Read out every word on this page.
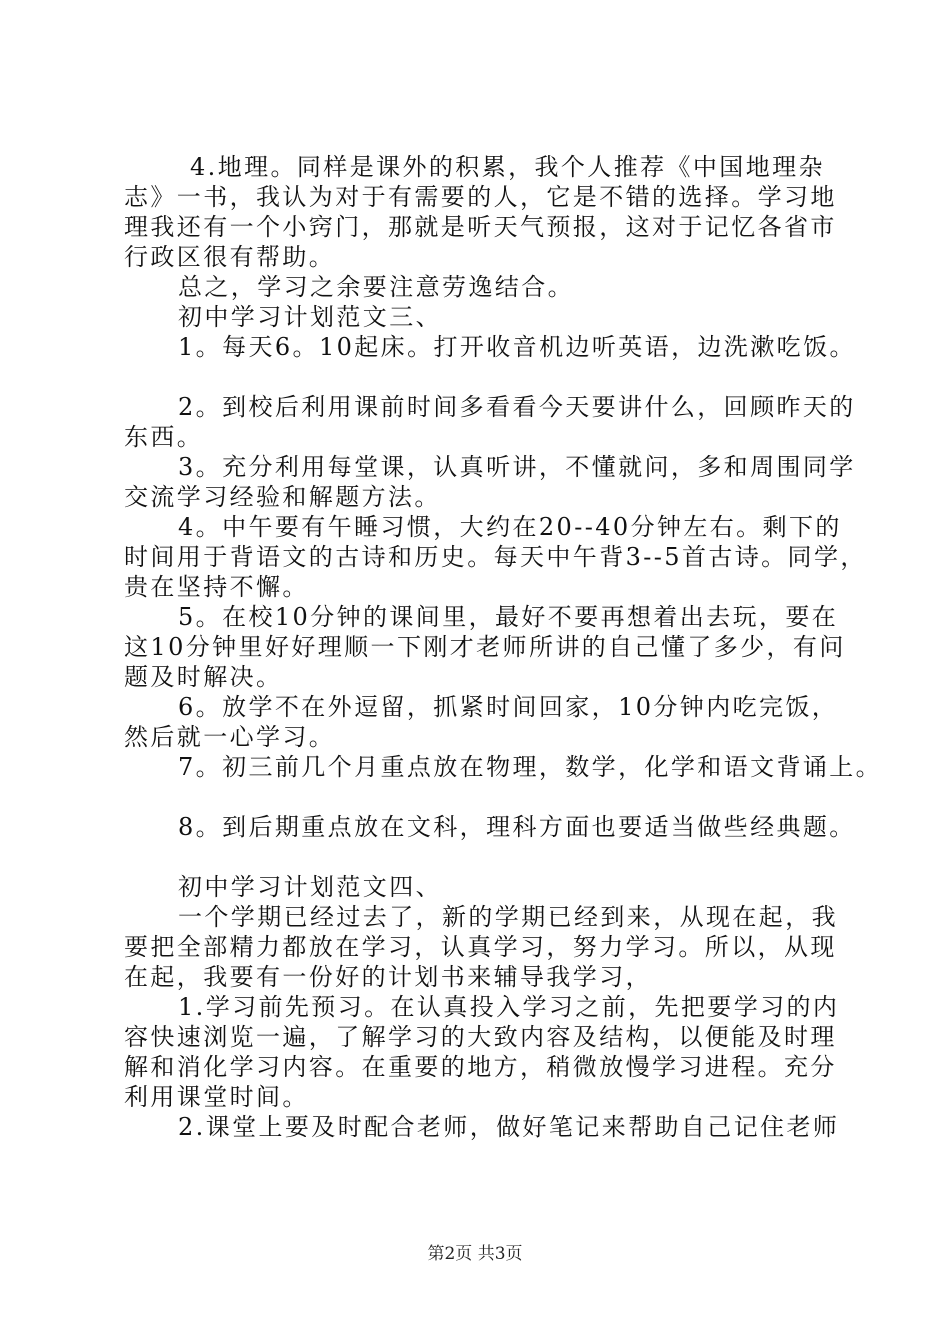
4.地理。同样是课外的积累，我个人推荐《中国地理杂
志》一书，我认为对于有需要的人，它是不错的选择。学习地
理我还有一个小窍门，那就是听天气预报，这对于记忆各省市
行政区很有帮助。
总之，学习之余要注意劳逸结合。
初中学习计划范文三、
1。每天6。10起床。打开收音机边听英语，边洗漱吃饭。
2。到校后利用课前时间多看看今天要讲什么，回顾昨天的
东西。
3。充分利用每堂课，认真听讲，不懂就问，多和周围同学
交流学习经验和解题方法。
4。中午要有午睡习惯，大约在20--40分钟左右。剩下的
时间用于背语文的古诗和历史。每天中午背3--5首古诗。同学，
贵在坚持不懈。
5。在校10分钟的课间里，最好不要再想着出去玩，要在
这10分钟里好好理顺一下刚才老师所讲的自己懂了多少，有问
题及时解决。
6。放学不在外逗留，抓紧时间回家，10分钟内吃完饭，
然后就一心学习。
7。初三前几个月重点放在物理，数学，化学和语文背诵上。
8。到后期重点放在文科，理科方面也要适当做些经典题。
初中学习计划范文四、
一个学期已经过去了，新的学期已经到来，从现在起，我
要把全部精力都放在学习，认真学习，努力学习。所以，从现
在起，我要有一份好的计划书来辅导我学习，
1.学习前先预习。在认真投入学习之前，先把要学习的内
容快速浏览一遍，了解学习的大致内容及结构，以便能及时理
解和消化学习内容。在重要的地方，稍微放慢学习进程。充分
利用课堂时间。
2.课堂上要及时配合老师，做好笔记来帮助自己记住老师
第2页 共3页
